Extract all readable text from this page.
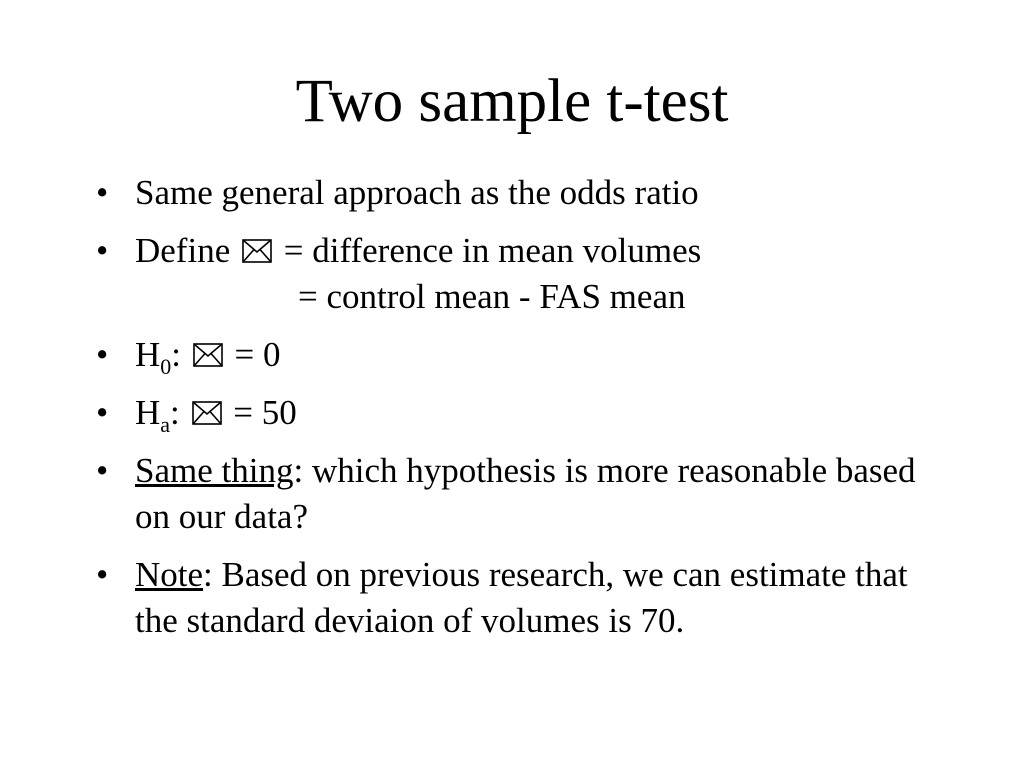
Two sample t-test
• Same general approach as the odds ratio
• Define = difference in mean volumes
= control mean - FAS mean
• $H_0$: = 0
• $H_a$: = 50
• Same thing: which hypothesis is more reasonable based on our data?
• Note: Based on previous research, we can estimate that the standard deviaion of volumes is 70.
